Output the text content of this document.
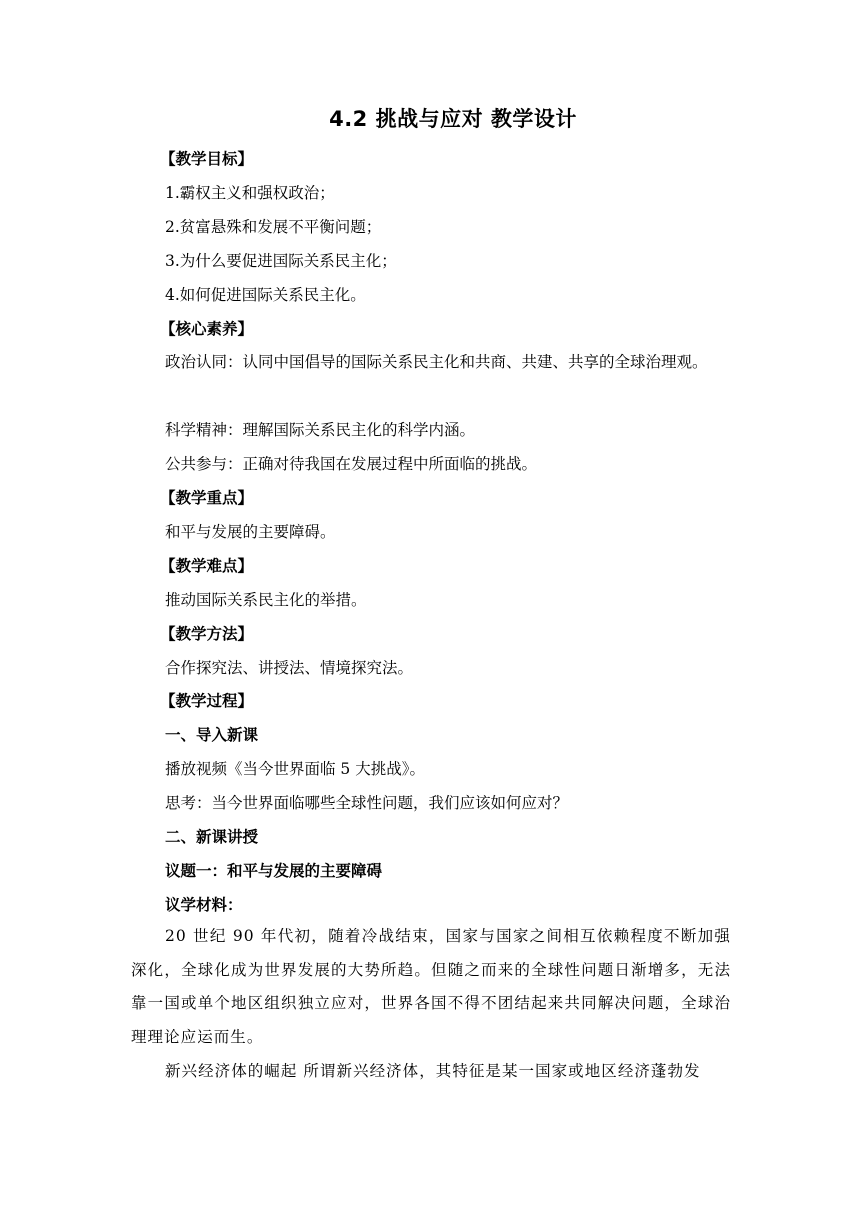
4.2 挑战与应对 教学设计
【教学目标】
1.霸权主义和强权政治；
2.贫富悬殊和发展不平衡问题；
3.为什么要促进国际关系民主化；
4.如何促进国际关系民主化。
【核心素养】
政治认同：认同中国倡导的国际关系民主化和共商、共建、共享的全球治理观。
科学精神：理解国际关系民主化的科学内涵。
公共参与：正确对待我国在发展过程中所面临的挑战。
【教学重点】
和平与发展的主要障碍。
【教学难点】
推动国际关系民主化的举措。
【教学方法】
合作探究法、讲授法、情境探究法。
【教学过程】
一、导入新课
播放视频《当今世界面临 5 大挑战》。
思考：当今世界面临哪些全球性问题，我们应该如何应对？
二、新课讲授
议题一：和平与发展的主要障碍
议学材料：
20 世纪 90 年代初，随着冷战结束，国家与国家之间相互依赖程度不断加强深化，全球化成为世界发展的大势所趋。但随之而来的全球性问题日渐增多，无法靠一国或单个地区组织独立应对，世界各国不得不团结起来共同解决问题，全球治理理论应运而生。
新兴经济体的崛起 所谓新兴经济体，其特征是某一国家或地区经济蓬勃发
